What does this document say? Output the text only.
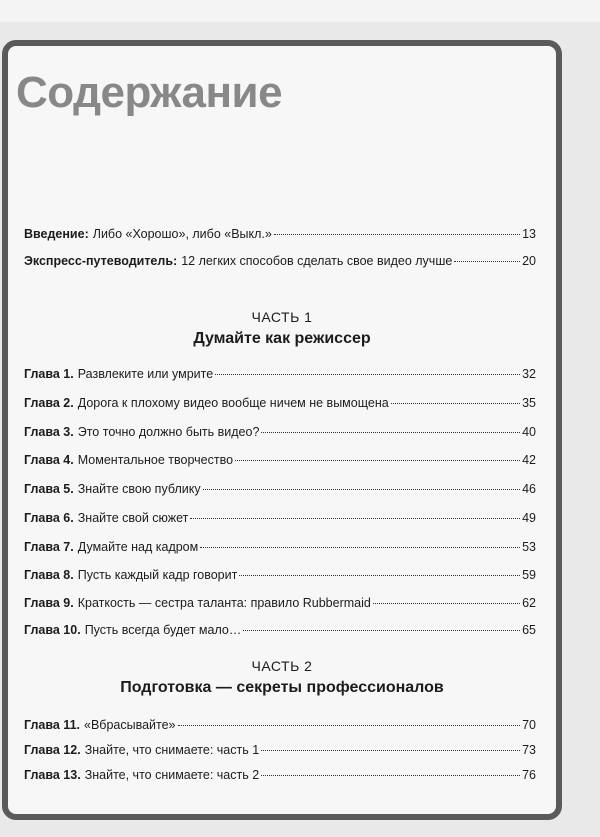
Содержание
Введение: Либо «Хорошо», либо «Выкл.»	13
Экспресс-путеводитель: 12 легких способов сделать свое видео лучше	20
ЧАСТЬ 1
Думайте как режиссер
Глава 1. Развлеките или умрите	32
Глава 2. Дорога к плохому видео вообще ничем не вымощена	35
Глава 3. Это точно должно быть видео?	40
Глава 4. Моментальное творчество	42
Глава 5. Знайте свою публику	46
Глава 6. Знайте свой сюжет	49
Глава 7. Думайте над кадром	53
Глава 8. Пусть каждый кадр говорит	59
Глава 9. Краткость — сестра таланта: правило Rubbermaid	62
Глава 10. Пусть всегда будет мало…	65
ЧАСТЬ 2
Подготовка — секреты профессионалов
Глава 11. «Вбрасывайте»	70
Глава 12. Знайте, что снимаете: часть 1	73
Глава 13. Знайте, что снимаете: часть 2	76
